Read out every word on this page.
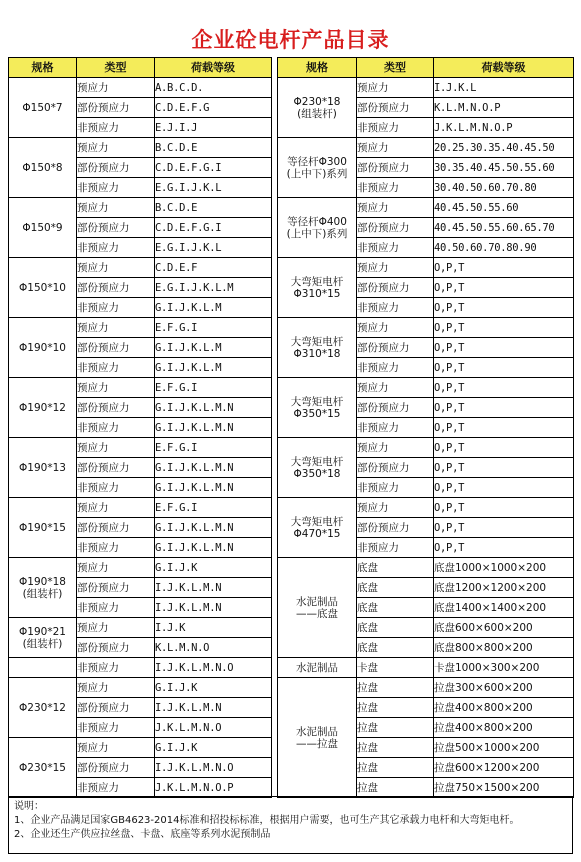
企业砼电杆产品目录
规格	类型	荷载等级
Φ150*7	预应力	A.B.C.D.
	部份预应力	C.D.E.F.G
	非预应力	E.J.I.J
Φ150*8	预应力	B.C.D.E
	部份预应力	C.D.E.F.G.I
	非预应力	E.G.I.J.K.L
Φ150*9	预应力	B.C.D.E
	部份预应力	C.D.E.F.G.I
	非预应力	E.G.I.J.K.L
Φ150*10	预应力	C.D.E.F
	部份预应力	E.G.I.J.K.L.M
	非预应力	G.I.J.K.L.M
Φ190*10	预应力	E.F.G.I
	部份预应力	G.I.J.K.L.M
	非预应力	G.I.J.K.L.M
Φ190*12	预应力	E.F.G.I
	部份预应力	G.I.J.K.L.M.N
	非预应力	G.I.J.K.L.M.N
Φ190*13	预应力	E.F.G.I
	部份预应力	G.I.J.K.L.M.N
	非预应力	G.I.J.K.L.M.N
Φ190*15	预应力	E.F.G.I
	部份预应力	G.I.J.K.L.M.N
	非预应力	G.I.J.K.L.M.N
Φ190*18
(组装杆)	预应力	G.I.J.K
	部份预应力	I.J.K.L.M.N
	非预应力	I.J.K.L.M.N
Φ190*21
(组装杆)	预应力	I.J.K
	部份预应力	K.L.M.N.O
	非预应力	I.J.K.L.M.N.O
Φ230*12	预应力	G.I.J.K
	部份预应力	I.J.K.L.M.N
	非预应力	J.K.L.M.N.O
Φ230*15	预应力	G.I.J.K
	部份预应力	I.J.K.L.M.N.O
	非预应力	J.K.L.M.N.O.P
规格	类型	荷载等级
Φ230*18
(组装杆)	预应力	I.J.K.L
	部份预应力	K.L.M.N.O.P
	非预应力	J.K.L.M.N.O.P
等径杆Φ300
(上中下)系列	预应力	20.25.30.35.40.45.50
	部份预应力	30.35.40.45.50.55.60
	非预应力	30.40.50.60.70.80
等径杆Φ400
(上中下)系列	预应力	40.45.50.55.60
	部份预应力	40.45.50.55.60.65.70
	非预应力	40.50.60.70.80.90
大弯矩电杆
Φ310*15	预应力	O,P,T
	部份预应力	O,P,T
	非预应力	O,P,T
大弯矩电杆
Φ310*18	预应力	O,P,T
	部份预应力	O,P,T
	非预应力	O,P,T
大弯矩电杆
Φ350*15	预应力	O,P,T
	部份预应力	O,P,T
	非预应力	O,P,T
大弯矩电杆
Φ350*18	预应力	O,P,T
	部份预应力	O,P,T
	非预应力	O,P,T
大弯矩电杆
Φ470*15	预应力	O,P,T
	部份预应力	O,P,T
	非预应力	O,P,T
水泥制品
——底盘	底盘	底盘1000×1000×200
	底盘	底盘1200×1200×200
	底盘	底盘1400×1400×200
	底盘	底盘600×600×200
	底盘	底盘800×800×200
水泥制品	卡盘	卡盘1000×300×200
水泥制品
——拉盘	拉盘	拉盘300×600×200
	拉盘	拉盘400×800×200
	拉盘	拉盘400×800×200
	拉盘	拉盘500×1000×200
	拉盘	拉盘600×1200×200
	拉盘	拉盘750×1500×200
说明：
1、企业产品满足国家GB4623-2014标准和招投标标准，根据用户需要，也可生产其它承载力电杆和大弯矩电杆。
2、企业还生产供应拉丝盘、卡盘、底座等系列水泥预制品
